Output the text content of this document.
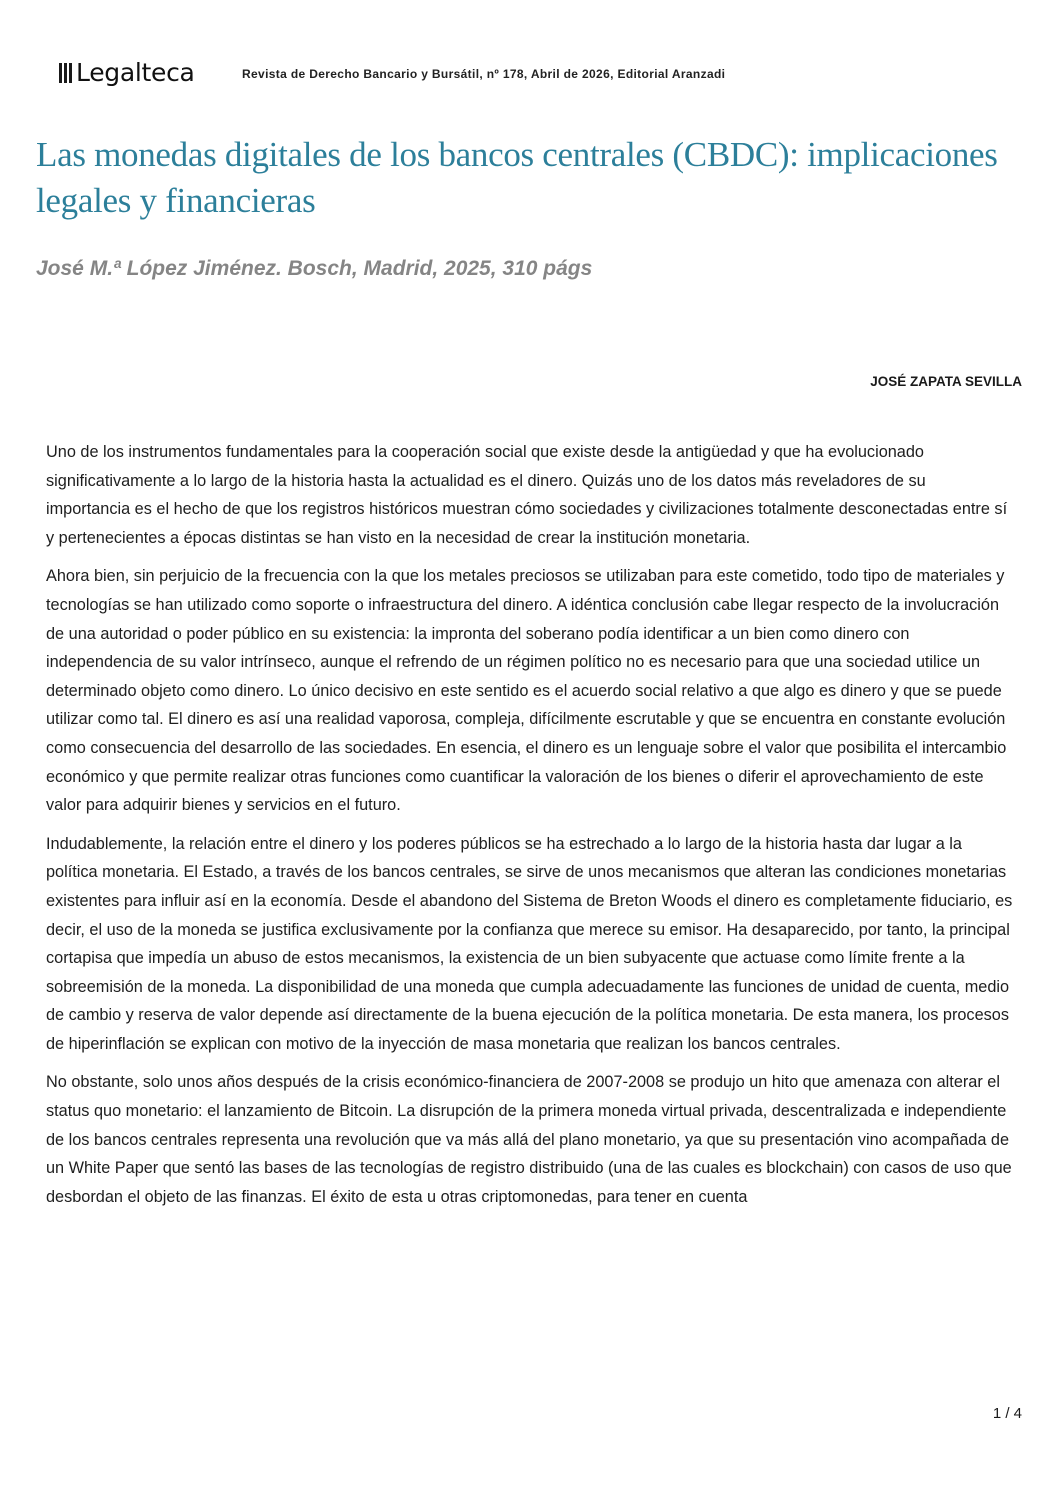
Legalteca	Revista de Derecho Bancario y Bursátil, nº 178, Abril de 2026, Editorial Aranzadi
Las monedas digitales de los bancos centrales (CBDC): implicaciones legales y financieras
José M.ª López Jiménez. Bosch, Madrid, 2025, 310 págs
JOSÉ ZAPATA SEVILLA

Uno de los instrumentos fundamentales para la cooperación social que existe desde la antigüedad y que ha evolucionado significativamente a lo largo de la historia hasta la actualidad es el dinero. Quizás uno de los datos más reveladores de su importancia es el hecho de que los registros históricos muestran cómo sociedades y civilizaciones totalmente desconectadas entre sí y pertenecientes a épocas distintas se han visto en la necesidad de crear la institución monetaria.

Ahora bien, sin perjuicio de la frecuencia con la que los metales preciosos se utilizaban para este cometido, todo tipo de materiales y tecnologías se han utilizado como soporte o infraestructura del dinero. A idéntica conclusión cabe llegar respecto de la involucración de una autoridad o poder público en su existencia: la impronta del soberano podía identificar a un bien como dinero con independencia de su valor intrínseco, aunque el refrendo de un régimen político no es necesario para que una sociedad utilice un determinado objeto como dinero. Lo único decisivo en este sentido es el acuerdo social relativo a que algo es dinero y que se puede utilizar como tal. El dinero es así una realidad vaporosa, compleja, difícilmente escrutable y que se encuentra en constante evolución como consecuencia del desarrollo de las sociedades. En esencia, el dinero es un lenguaje sobre el valor que posibilita el intercambio económico y que permite realizar otras funciones como cuantificar la valoración de los bienes o diferir el aprovechamiento de este valor para adquirir bienes y servicios en el futuro.

Indudablemente, la relación entre el dinero y los poderes públicos se ha estrechado a lo largo de la historia hasta dar lugar a la política monetaria. El Estado, a través de los bancos centrales, se sirve de unos mecanismos que alteran las condiciones monetarias existentes para influir así en la economía. Desde el abandono del Sistema de Breton Woods el dinero es completamente fiduciario, es decir, el uso de la moneda se justifica exclusivamente por la confianza que merece su emisor. Ha desaparecido, por tanto, la principal cortapisa que impedía un abuso de estos mecanismos, la existencia de un bien subyacente que actuase como límite frente a la sobreemisión de la moneda. La disponibilidad de una moneda que cumpla adecuadamente las funciones de unidad de cuenta, medio de cambio y reserva de valor depende así directamente de la buena ejecución de la política monetaria. De esta manera, los procesos de hiperinflación se explican con motivo de la inyección de masa monetaria que realizan los bancos centrales.

No obstante, solo unos años después de la crisis económico-financiera de 2007-2008 se produjo un hito que amenaza con alterar el status quo monetario: el lanzamiento de Bitcoin. La disrupción de la primera moneda virtual privada, descentralizada e independiente de los bancos centrales representa una revolución que va más allá del plano monetario, ya que su presentación vino acompañada de un White Paper que sentó las bases de las tecnologías de registro distribuido (una de las cuales es blockchain) con casos de uso que desbordan el objeto de las finanzas. El éxito de esta u otras criptomonedas, para tener en cuenta

1 / 4
